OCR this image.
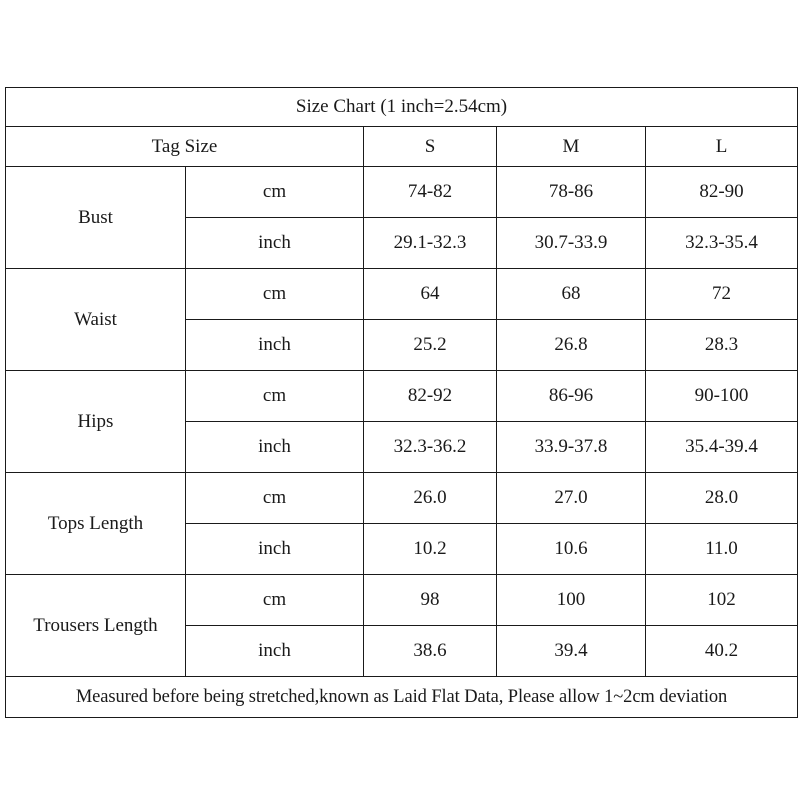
Size Chart (1 inch=2.54cm)				
Tag Size		S	M	L
Bust	cm	74-82	78-86	82-90
	inch	29.1-32.3	30.7-33.9	32.3-35.4
Waist	cm	64	68	72
	inch	25.2	26.8	28.3
Hips	cm	82-92	86-96	90-100
	inch	32.3-36.2	33.9-37.8	35.4-39.4
Tops Length	cm	26.0	27.0	28.0
	inch	10.2	10.6	11.0
Trousers Length	cm	98	100	102
	inch	38.6	39.4	40.2
Measured before being stretched,known as Laid Flat Data, Please allow 1~2cm deviation				
